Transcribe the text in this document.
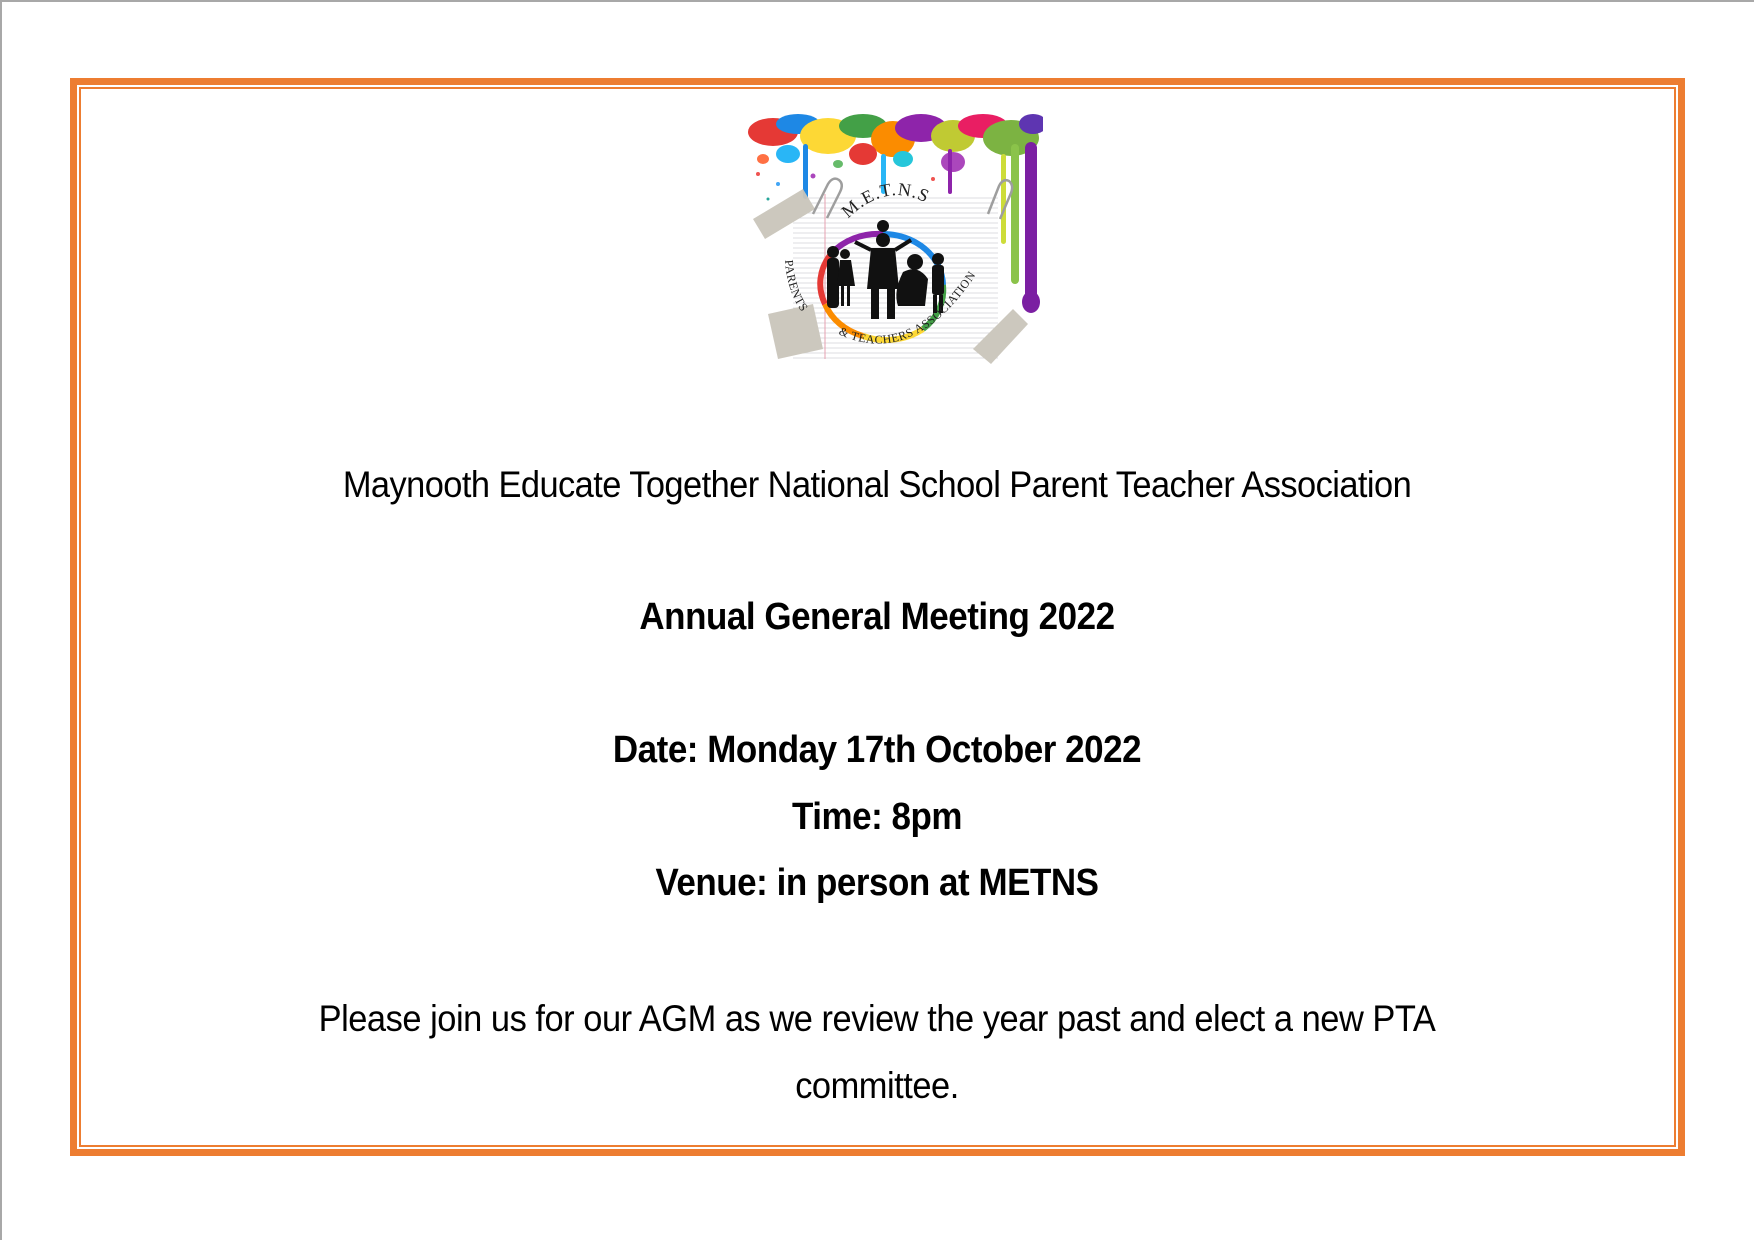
M.E.T.N.S
PARENTS
& TEACHERS ASSOCIATION
Maynooth Educate Together National School Parent Teacher Association
Annual General Meeting 2022
Date: Monday 17th October 2022
Time: 8pm
Venue: in person at METNS
Please join us for our AGM as we review the year past and elect a new PTA
committee.
